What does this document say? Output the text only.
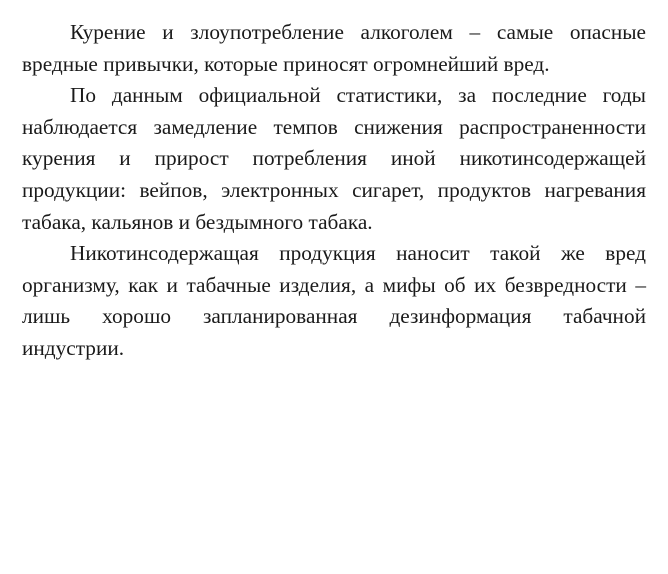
Курение и злоупотребление алкоголем – самые опасные вредные привычки, которые приносят огромнейший вред.

По данным официальной статистики, за последние годы наблюдается замедление темпов снижения распространенности курения и прирост потребления иной никотинсодержащей продукции: вейпов, электронных сигарет, продуктов нагревания табака, кальянов и бездымного табака.

Никотинсодержащая продукция наносит такой же вред организму, как и табачные изделия, а мифы об их безвредности – лишь хорошо запланированная дезинформация табачной индустрии.
